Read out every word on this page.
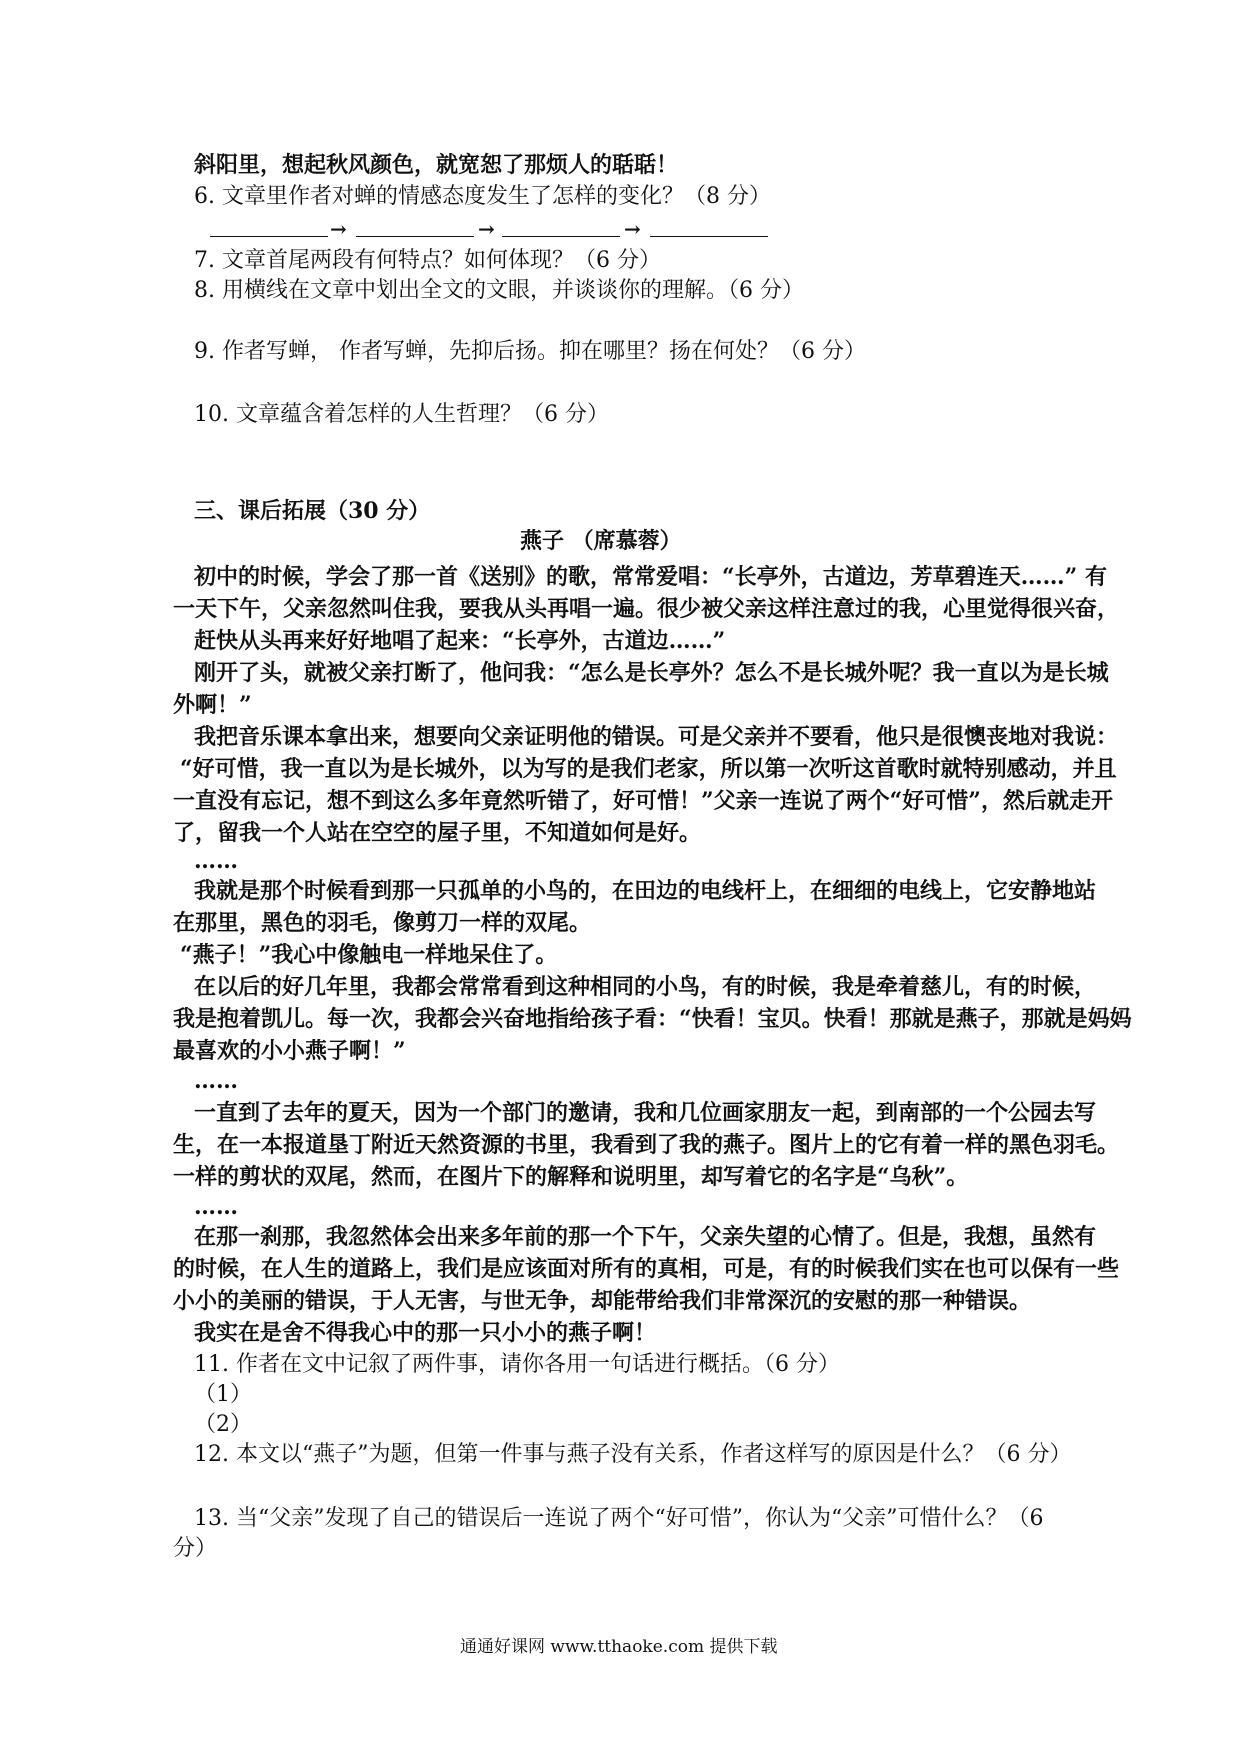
斜阳里，想起秋风颜色，就宽恕了那烦人的聒聒！
6. 文章里作者对蝉的情感态度发生了怎样的变化？（8 分）
→	→	→
7. 文章首尾两段有何特点？如何体现？（6 分）
8. 用横线在文章中划出全文的文眼，并谈谈你的理解。（6 分）
9. 作者写蝉， 作者写蝉，先抑后扬。抑在哪里？扬在何处？（6 分）
10. 文章蕴含着怎样的人生哲理？（6 分）
三、课后拓展（30 分）
燕子 （席慕蓉）
初中的时候，学会了那一首《送别》的歌，常常爱唱：“长亭外，古道边，芳草碧连天……” 有
一天下午，父亲忽然叫住我，要我从头再唱一遍。很少被父亲这样注意过的我，心里觉得很兴奋，
赶快从头再来好好地唱了起来：“长亭外，古道边……”
刚开了头，就被父亲打断了，他问我：“怎么是长亭外？怎么不是长城外呢？我一直以为是长城
外啊！”
我把音乐课本拿出来，想要向父亲证明他的错误。可是父亲并不要看，他只是很懊丧地对我说：
“好可惜，我一直以为是长城外，以为写的是我们老家，所以第一次听这首歌时就特别感动，并且
一直没有忘记，想不到这么多年竟然听错了，好可惜！”父亲一连说了两个“好可惜”，然后就走开
了，留我一个人站在空空的屋子里，不知道如何是好。
……
我就是那个时候看到那一只孤单的小鸟的，在田边的电线杆上，在细细的电线上，它安静地站
在那里，黑色的羽毛，像剪刀一样的双尾。
“燕子！”我心中像触电一样地呆住了。
在以后的好几年里，我都会常常看到这种相同的小鸟，有的时候，我是牵着慈儿，有的时候，
我是抱着凯儿。每一次，我都会兴奋地指给孩子看：“快看！宝贝。快看！那就是燕子，那就是妈妈
最喜欢的小小燕子啊！”
……
一直到了去年的夏天，因为一个部门的邀请，我和几位画家朋友一起，到南部的一个公园去写
生，在一本报道垦丁附近天然资源的书里，我看到了我的燕子。图片上的它有着一样的黑色羽毛。
一样的剪状的双尾，然而，在图片下的解释和说明里，却写着它的名字是“乌秋”。
……
在那一刹那，我忽然体会出来多年前的那一个下午，父亲失望的心情了。但是，我想，虽然有
的时候，在人生的道路上，我们是应该面对所有的真相，可是，有的时候我们实在也可以保有一些
小小的美丽的错误，于人无害，与世无争，却能带给我们非常深沉的安慰的那一种错误。
我实在是舍不得我心中的那一只小小的燕子啊！
11. 作者在文中记叙了两件事，请你各用一句话进行概括。（6 分）
（1）
（2）
12. 本文以“燕子”为题，但第一件事与燕子没有关系，作者这样写的原因是什么？（6 分）
13. 当“父亲”发现了自己的错误后一连说了两个“好可惜”，你认为“父亲”可惜什么？（6
分）
通通好课网 www.tthaoke.com 提供下载
